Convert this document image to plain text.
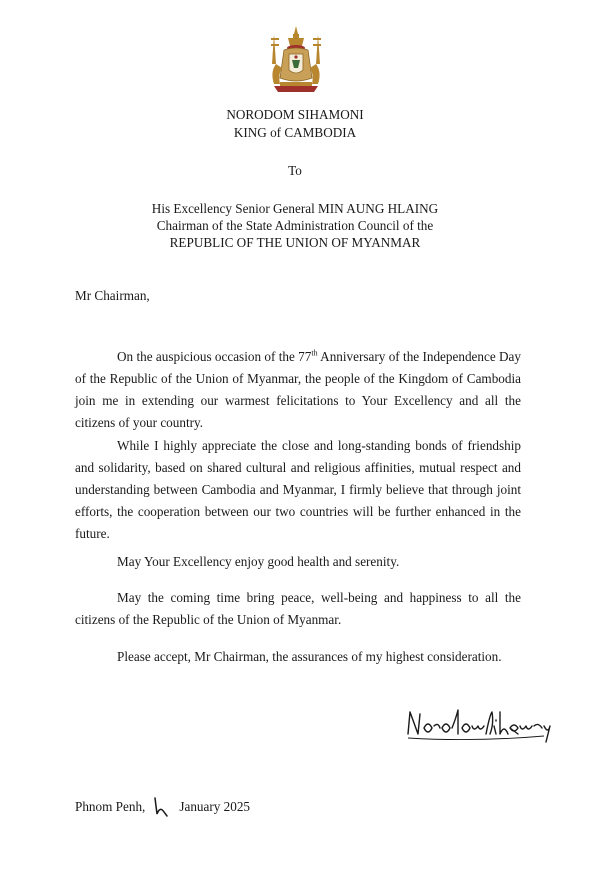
NORODOM SIHAMONI
KING of CAMBODIA
To
His Excellency Senior General MIN AUNG HLAING
Chairman of the State Administration Council of the
REPUBLIC OF THE UNION OF MYANMAR
Mr Chairman,

On the auspicious occasion of the 77th Anniversary of the Independence Day of the Republic of the Union of Myanmar, the people of the Kingdom of Cambodia join me in extending our warmest felicitations to Your Excellency and all the citizens of your country.

While I highly appreciate the close and long-standing bonds of friendship and solidarity, based on shared cultural and religious affinities, mutual respect and understanding between Cambodia and Myanmar, I firmly believe that through joint efforts, the cooperation between our two countries will be further enhanced in the future.

May Your Excellency enjoy good health and serenity.

May the coming time bring peace, well-being and happiness to all the citizens of the Republic of the Union of Myanmar.

Please accept, Mr Chairman, the assurances of my highest consideration.

Phnom Penh,	January 2025
